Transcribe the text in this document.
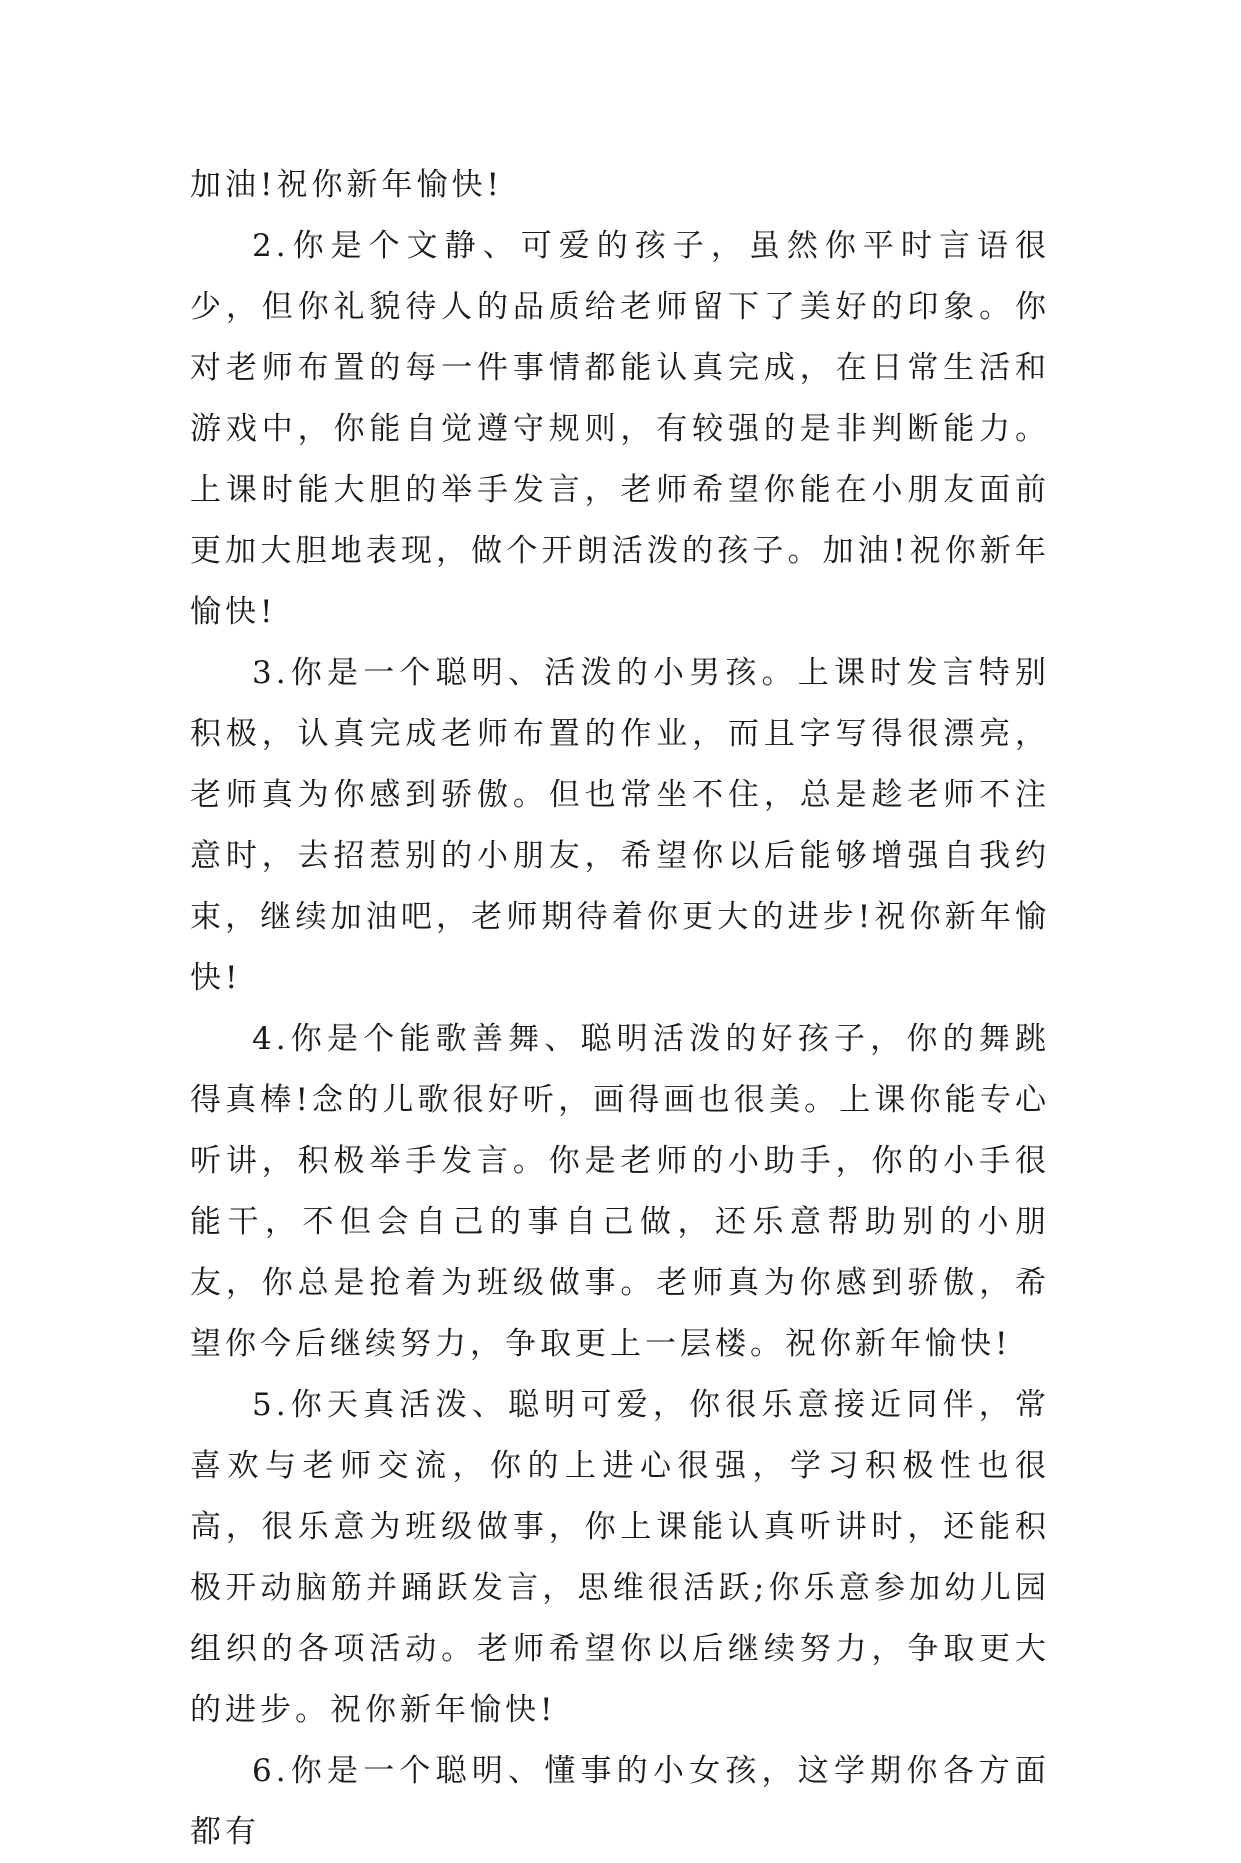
加油!祝你新年愉快!

2.你是个文静、可爱的孩子，虽然你平时言语很少，但你礼貌待人的品质给老师留下了美好的印象。你对老师布置的每一件事情都能认真完成，在日常生活和游戏中，你能自觉遵守规则，有较强的是非判断能力。上课时能大胆的举手发言，老师希望你能在小朋友面前更加大胆地表现，做个开朗活泼的孩子。加油!祝你新年愉快!

3.你是一个聪明、活泼的小男孩。上课时发言特别积极，认真完成老师布置的作业，而且字写得很漂亮，老师真为你感到骄傲。但也常坐不住，总是趁老师不注意时，去招惹别的小朋友，希望你以后能够增强自我约束，继续加油吧，老师期待着你更大的进步!祝你新年愉快!

4.你是个能歌善舞、聪明活泼的好孩子，你的舞跳得真棒!念的儿歌很好听，画得画也很美。上课你能专心听讲，积极举手发言。你是老师的小助手，你的小手很能干，不但会自己的事自己做，还乐意帮助别的小朋友，你总是抢着为班级做事。老师真为你感到骄傲，希望你今后继续努力，争取更上一层楼。祝你新年愉快!

5.你天真活泼、聪明可爱，你很乐意接近同伴，常喜欢与老师交流，你的上进心很强，学习积极性也很高，很乐意为班级做事，你上课能认真听讲时，还能积极开动脑筋并踊跃发言，思维很活跃;你乐意参加幼儿园组织的各项活动。老师希望你以后继续努力，争取更大的进步。祝你新年愉快!

6.你是一个聪明、懂事的小女孩，这学期你各方面都有
